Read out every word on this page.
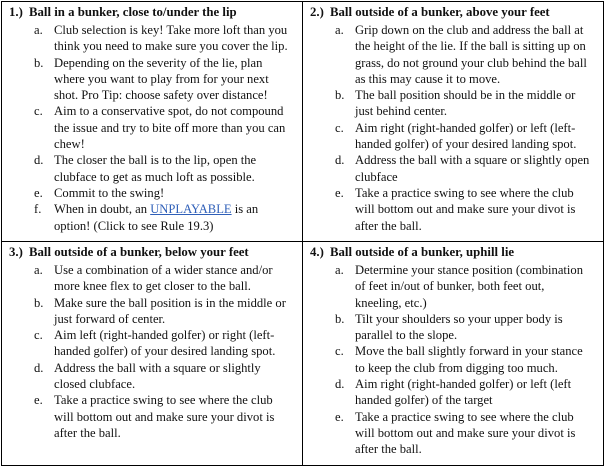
1.) Ball in a bunker, close to/under the lip
a. Club selection is key! Take more loft than you
think you need to make sure you cover the lip.
b. Depending on the severity of the lie, plan
where you want to play from for your next
shot. Pro Tip: choose safety over distance!
c. Aim to a conservative spot, do not compound
the issue and try to bite off more than you can
chew!
d. The closer the ball is to the lip, open the
clubface to get as much loft as possible.
e. Commit to the swing!
f. When in doubt, an UNPLAYABLE is an
option! (Click to see Rule 19.3)
2.) Ball outside of a bunker, above your feet
a. Grip down on the club and address the ball at
the height of the lie. If the ball is sitting up on
grass, do not ground your club behind the ball
as this may cause it to move.
b. The ball position should be in the middle or
just behind center.
c. Aim right (right-handed golfer) or left (left-
handed golfer) of your desired landing spot.
d. Address the ball with a square or slightly open
clubface
e. Take a practice swing to see where the club
will bottom out and make sure your divot is
after the ball.
3.) Ball outside of a bunker, below your feet
a. Use a combination of a wider stance and/or
more knee flex to get closer to the ball.
b. Make sure the ball position is in the middle or
just forward of center.
c. Aim left (right-handed golfer) or right (left-
handed golfer) of your desired landing spot.
d. Address the ball with a square or slightly
closed clubface.
e. Take a practice swing to see where the club
will bottom out and make sure your divot is
after the ball.
4.) Ball outside of a bunker, uphill lie
a. Determine your stance position (combination
of feet in/out of bunker, both feet out,
kneeling, etc.)
b. Tilt your shoulders so your upper body is
parallel to the slope.
c. Move the ball slightly forward in your stance
to keep the club from digging too much.
d. Aim right (right-handed golfer) or left (left
handed golfer) of the target
e. Take a practice swing to see where the club
will bottom out and make sure your divot is
after the ball.
